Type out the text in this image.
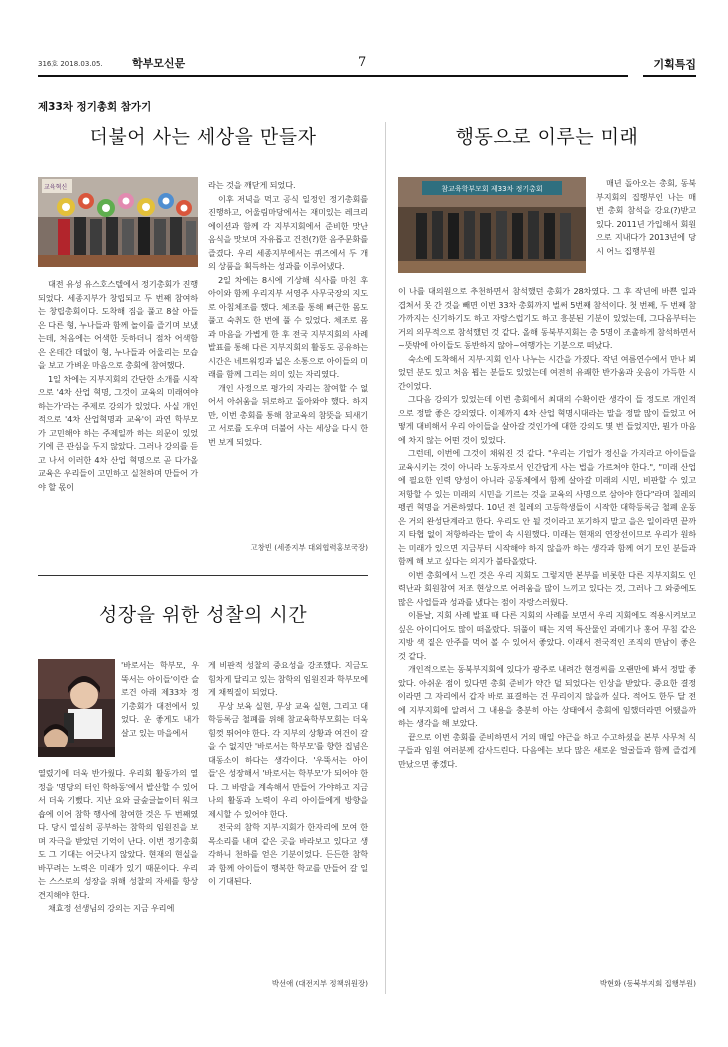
316호 2018.03.05.	학부모신문	7	기획특집
제33차 정기총회 참가기
더불어 사는 세상을 만들자
교육혁신

대전 유성 유스호스텔에서 정기총회가 진행되었다. 세종지부가 창립되고 두 번째 참여하는 창립총회이다. 도착해 짐을 풀고 8살 아들은 다른 형, 누나들과 함께 놀이를 즐기며 보냈는데, 처음에는 어색한 듯하더니 점차 어색함은 온데간 데없이 형, 누나들과 어울리는 모습을 보고 가벼운 마음으로 총회에 참여했다.

1일 차에는 지부지회의 간단한 소개를 시작으로 '4차 산업 혁명, 그것이 교육의 미래여야 하는가'라는 주제로 강의가 있었다. 사실 개인적으로 '4차 산업혁명과 교육'이 과연 학부모가 고민해야 하는 주제일까 하는 의문이 있었기에 큰 관심을 두지 않았다. 그러나 강의를 듣고 나서 이러한 4차 산업 혁명으로 곧 다가올 교육은 우리들이 고민하고 실천하며 만들어 가야 할 몫이

라는 것을 깨닫게 되었다.

이후 저녁을 먹고 공식 일정인 정기총회를 진행하고, 어울림마당에서는 재미있는 레크리에이션과 함께 각 지부지회에서 준비한 맛난 음식을 맛보며 자유롭고 건전(?)한 음주문화를 즐겼다. 우리 세종지부에서는 퀴즈에서 두 개의 상품을 획득하는 성과를 이루어냈다.

2일 차에는 8시에 기상해 식사를 마친 후 아이와 함께 우리지부 서영주 사무국장의 지도로 아침체조를 했다. 체조를 통해 뻐근한 몸도 풀고 숙취도 한 번에 풀 수 있었다. 체조로 몸과 마음을 가볍게 한 후 전국 지부지회의 사례발표를 통해 다른 지부지회의 활동도 공유하는 시간은 네트워킹과 넓은 소통으로 아이들의 미래를 함께 그리는 의미 있는 자리였다.

개인 사정으로 평가의 자리는 참여할 수 없어서 아쉬움을 뒤로하고 돌아와야 했다. 하지만, 이번 총회를 통해 참교육의 참뜻을 되새기고 서로를 도우며 더불어 사는 세상을 다시 한번 보게 되었다.

고창빈 (세종지부 대외협력홍보국장)
성장을 위한 성찰의 시간

'바로서는 학부모, 우뚝서는 아이들'이란 슬로건 아래 제33차 정기총회가 대전에서 있었다. 운 좋게도 내가 살고 있는 마을에서

열렸기에 더욱 반가웠다. 우리회 활동가의 열정을 '명당의 터인 학하동'에서 발산할 수 있어서 더욱 기뻤다. 지난 요와 글숲글놀이터 워크숍에 이어 참학 행사에 참여한 것은 두 번째였다. 당시 열심히 공부하는 참학의 임원진을 보며 자극을 받았던 기억이 난다. 이번 정기총회도 그 기대는 어긋나지 않았다. 현재의 현실을 바꾸려는 노력은 미래가 있기 때문이다. 우리는 스스로의 성장을 위해 성찰의 자세를 항상 견지해야 한다.

채효정 선생님의 강의는 지금 우리에

게 비판적 성찰의 중요성을 강조했다. 지금도 힘차게 달리고 있는 참학의 임원진과 학부모에게 채찍질이 되었다.

무상 보육 실현, 무상 교육 실현, 그리고 대학등록금 철폐를 위해 참교육학부모회는 더욱 힘껏 뛰어야 한다. 각 지부의 상황과 여건이 갈을 수 없지만 '바로서는 학부모'를 향한 집념은 대동소이 하다는 생각이다. '우뚝서는 아이들'은 성장해서 '바로서는 학부모'가 되어야 한다. 그 바람을 계속해서 만들어 가야하고 지금 나의 활동과 노력이 우리 아이들에게 방향을 제시할 수 있어야 한다.

전국의 참학 지부·지회가 한자리에 모여 한목소리를 내며 같은 곳을 바라보고 있다고 생각하니 천하를 얻은 기분이었다. 든든한 참학과 함께 아이들이 행복한 학교를 만들어 갈 일이 기대된다.

박선애 (대전지부 정책위원장)
행동으로 이루는 미래
참교육학부모회 제33차 정기총회

매년 돌아오는 총회, 동북부지회의 집행부인 나는 매번 총회 참석을 강요(?)받고 있다. 2011년 가입해서 회원으로 지내다가 2013년에 당시 어느 집행부원

이 나를 대의원으로 추천하면서 참석했던 총회가 28차였다. 그 후 작년에 바쁜 일과 겹쳐서 못 간 것을 빼면 이번 33차 총회까지 벌써 5번째 참석이다. 첫 번째, 두 번째 참가까지는 신기하기도 하고 자랑스럽기도 하고 흥분된 기분이 있었는데, 그다음부터는 거의 의무적으로 참석했던 것 같다. 올해 동북부지회는 총 5명이 조촐하게 참석하면서~뜻밖에 아이들도 동반하지 않아~여행가는 기분으로 떠났다.

숙소에 도착해서 지부·지회 인사 나누는 시간을 가졌다. 작년 여름연수에서 만나 뵈었던 분도 있고 처음 뵙는 분들도 있었는데 여전히 유쾌한 반가움과 웃음이 가득한 시간이었다.

그다음 강의가 있었는데 이번 총회에서 최대의 수확이란 생각이 들 정도로 개인적으로 정말 좋은 강의였다. 이제까지 4차 산업 혁명시대라는 말을 정말 많이 들었고 어떻게 대비해서 우리 아이들을 살아갈 것인가에 대한 강의도 몇 번 들었지만, 뭔가 마음에 차지 않는 어떤 것이 있었다.

그런데, 이번에 그것이 채워진 것 같다. "우리는 기업가 정신을 가지라고 아이들을 교육시키는 것이 아니라 노동자로서 인간답게 사는 법을 가르쳐야 한다.", "미래 산업에 필요한 인력 양성이 아니라 공동체에서 함께 살아갈 미래의 시민, 비판할 수 있고 저항할 수 있는 미래의 시민을 기르는 것을 교육의 사명으로 삼아야 한다"라며 칠레의 펭귄 혁명을 거론하였다. 10년 전 칠레의 고등학생들이 시작한 대학등록금 철폐 운동은 거의 완성단계라고 한다. 우리도 안 될 것이라고 포기하지 말고 을은 일이라면 끝까지 타협 없이 저항하라는 말이 속 시원했다. 미래는 현재의 연장선이므로 우리가 원하는 미래가 있으면 지금부터 시작해야 하지 않을까 하는 생각과 함께 여기 모인 분들과 함께 해 보고 싶다는 의지가 불타올랐다.

이번 총회에서 느낀 것은 우리 지회도 그렇지만 본부를 비롯한 다른 지부지회도 인력난과 회원참여 저조 현상으로 어려움을 많이 느끼고 있다는 것, 그러나 그 와중에도 많은 사업들과 성과를 냈다는 점이 자랑스러웠다.

이튿날, 지회 사례 발표 때 다른 지회의 사례를 보면서 우리 지회에도 적용시켜보고 싶은 아이디어도 많이 떠올랐다. 뒤풀이 때는 지역 특산물인 과메기나 홍어 무침 같은 지방 색 짙은 안주를 먹어 볼 수 있어서 좋았다. 이래서 전국적인 조직의 만남이 좋은 것 같다.

개인적으로는 동북부지회에 있다가 광주로 내려간 현경씨를 오랜만에 봐서 정말 좋았다. 아쉬운 점이 있다면 총회 준비가 약간 덜 되었다는 인상을 받았다. 중요한 결정이라면 그 자리에서 갑자 바로 표결하는 건 무리이지 않을까 싶다. 적어도 한두 달 전에 지부지회에 알려서 그 내용을 충분히 아는 상태에서 총회에 임했더라면 어땠을까 하는 생각을 해 보았다.

끝으로 이번 총회를 준비하면서 거의 매일 야근을 하고 수고하셨을 본부 사무처 식구들과 임원 여러분께 감사드린다. 다음에는 보다 많은 새로운 얼굴들과 함께 즐겁게 만났으면 좋겠다.

박현화 (동북부지회 집행부원)
